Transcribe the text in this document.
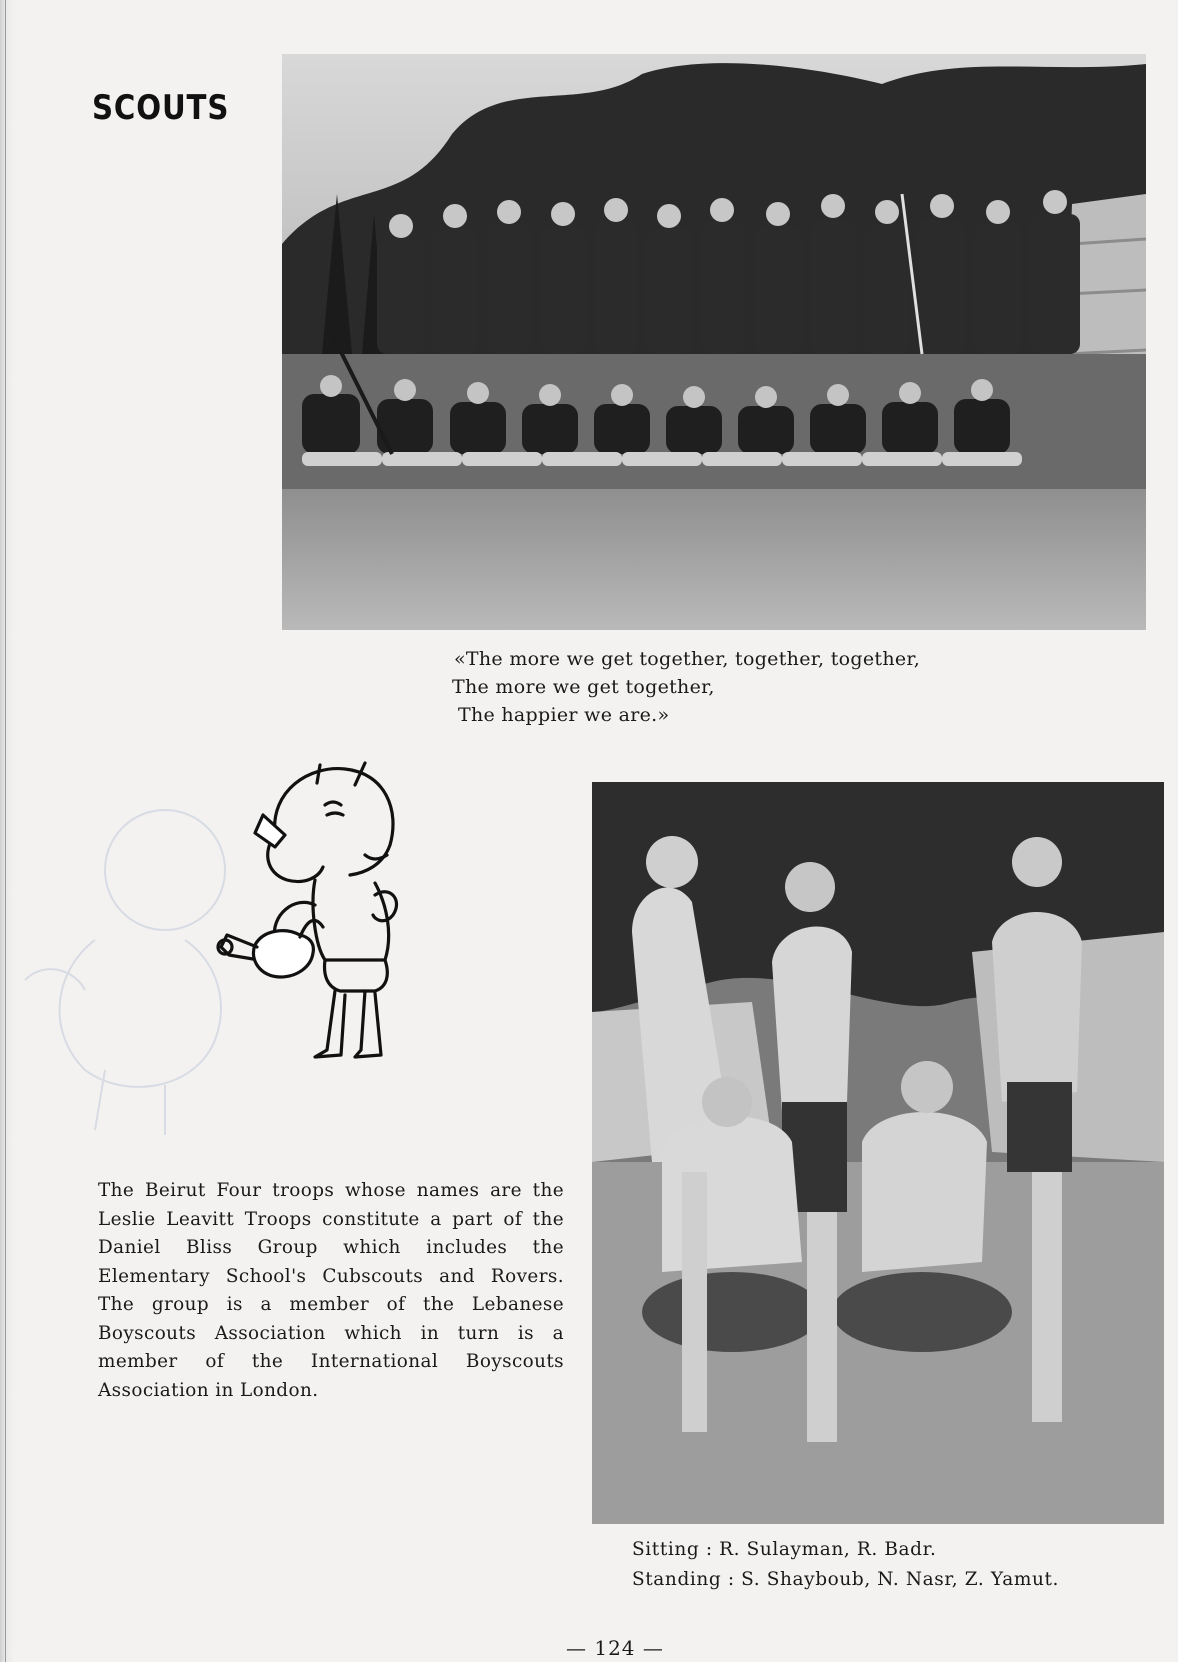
SCOUTS
«The more we get together, together, together,
The more we get together,
The happier we are.»

The Beirut Four troops whose names are the Leslie Leavitt Troops constitute a part of the Daniel Bliss Group which includes the Elementary School's Cubscouts and Rovers. The group is a member of the Lebanese Boyscouts Association which in turn is a member of the International Boyscouts Association in London.

Sitting : R. Sulayman, R. Badr.
Standing : S. Shayboub, N. Nasr, Z. Yamut.
— 124 —
